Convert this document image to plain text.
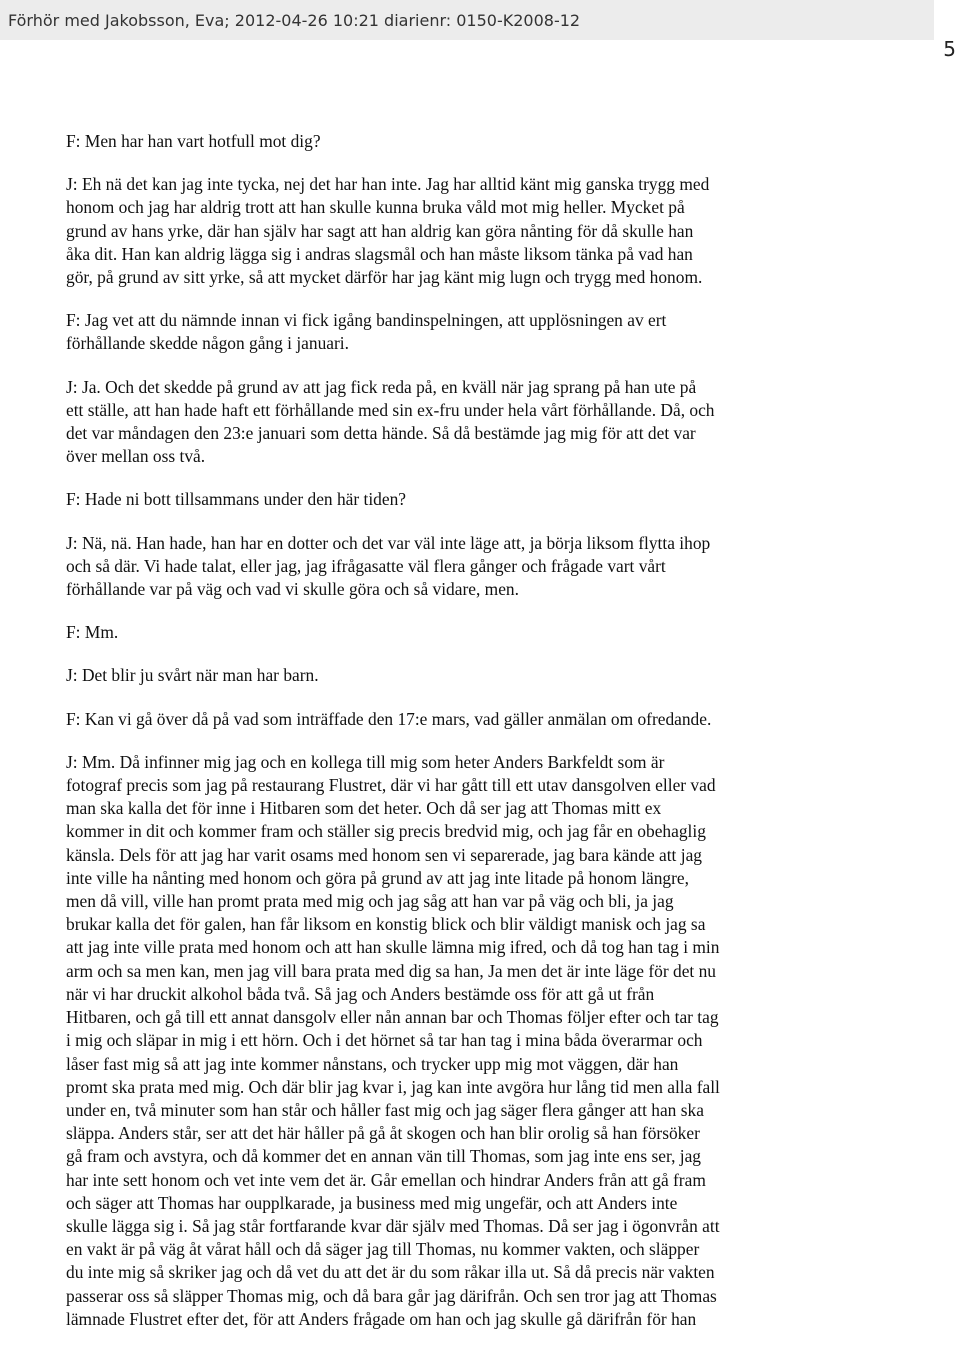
Förhör med Jakobsson, Eva; 2012-04-26 10:21 diarienr: 0150-K2008-12
5
F: Men har han vart hotfull mot dig?
J: Eh nä det kan jag inte tycka, nej det har han inte. Jag har alltid känt mig ganska trygg med
honom och jag har aldrig trott att han skulle kunna bruka våld mot mig heller. Mycket på
grund av hans yrke, där han själv har sagt att han aldrig kan göra nånting för då skulle han
åka dit. Han kan aldrig lägga sig i andras slagsmål och han måste liksom tänka på vad han
gör, på grund av sitt yrke, så att mycket därför har jag känt mig lugn och trygg med honom.
F: Jag vet att du nämnde innan vi fick igång bandinspelningen, att upplösningen av ert
förhållande skedde någon gång i januari.
J: Ja. Och det skedde på grund av att jag fick reda på, en kväll när jag sprang på han ute på
ett ställe, att han hade haft ett förhållande med sin ex-fru under hela vårt förhållande. Då, och
det var måndagen den 23:e januari som detta hände. Så då bestämde jag mig för att det var
över mellan oss två.
F: Hade ni bott tillsammans under den här tiden?
J: Nä, nä. Han hade, han har en dotter och det var väl inte läge att, ja börja liksom flytta ihop
och så där. Vi hade talat, eller jag, jag ifrågasatte väl flera gånger och frågade vart vårt
förhållande var på väg och vad vi skulle göra och så vidare, men.
F: Mm.
J: Det blir ju svårt när man har barn.
F: Kan vi gå över då på vad som inträffade den 17:e mars, vad gäller anmälan om ofredande.
J: Mm. Då infinner mig jag och en kollega till mig som heter Anders Barkfeldt som är
fotograf precis som jag på restaurang Flustret, där vi har gått till ett utav dansgolven eller vad
man ska kalla det för inne i Hitbaren som det heter. Och då ser jag att Thomas mitt ex
kommer in dit och kommer fram och ställer sig precis bredvid mig, och jag får en obehaglig
känsla. Dels för att jag har varit osams med honom sen vi separerade, jag bara kände att jag
inte ville ha nånting med honom och göra på grund av att jag inte litade på honom längre,
men då vill, ville han promt prata med mig och jag såg att han var på väg och bli, ja jag
brukar kalla det för galen, han får liksom en konstig blick och blir väldigt manisk och jag sa
att jag inte ville prata med honom och att han skulle lämna mig ifred, och då tog han tag i min
arm och sa men kan, men jag vill bara prata med dig sa han, Ja men det är inte läge för det nu
när vi har druckit alkohol båda två. Så jag och Anders bestämde oss för att gå ut från
Hitbaren, och gå till ett annat dansgolv eller nån annan bar och Thomas följer efter och tar tag
i mig och släpar in mig i ett hörn. Och i det hörnet så tar han tag i mina båda överarmar och
låser fast mig så att jag inte kommer nånstans, och trycker upp mig mot väggen, där han
promt ska prata med mig. Och där blir jag kvar i, jag kan inte avgöra hur lång tid men alla fall
under en, två minuter som han står och håller fast mig och jag säger flera gånger att han ska
släppa. Anders står, ser att det här håller på gå åt skogen och han blir orolig så han försöker
gå fram och avstyra, och då kommer det en annan vän till Thomas, som jag inte ens ser, jag
har inte sett honom och vet inte vem det är. Går emellan och hindrar Anders från att gå fram
och säger att Thomas har oupplkarade, ja business med mig ungefär, och att Anders inte
skulle lägga sig i. Så jag står fortfarande kvar där själv med Thomas. Då ser jag i ögonvrån att
en vakt är på väg åt vårat håll och då säger jag till Thomas, nu kommer vakten, och släpper
du inte mig så skriker jag och då vet du att det är du som råkar illa ut. Så då precis när vakten
passerar oss så släpper Thomas mig, och då bara går jag därifrån. Och sen tror jag att Thomas
lämnade Flustret efter det, för att Anders frågade om han och jag skulle gå därifrån för han
